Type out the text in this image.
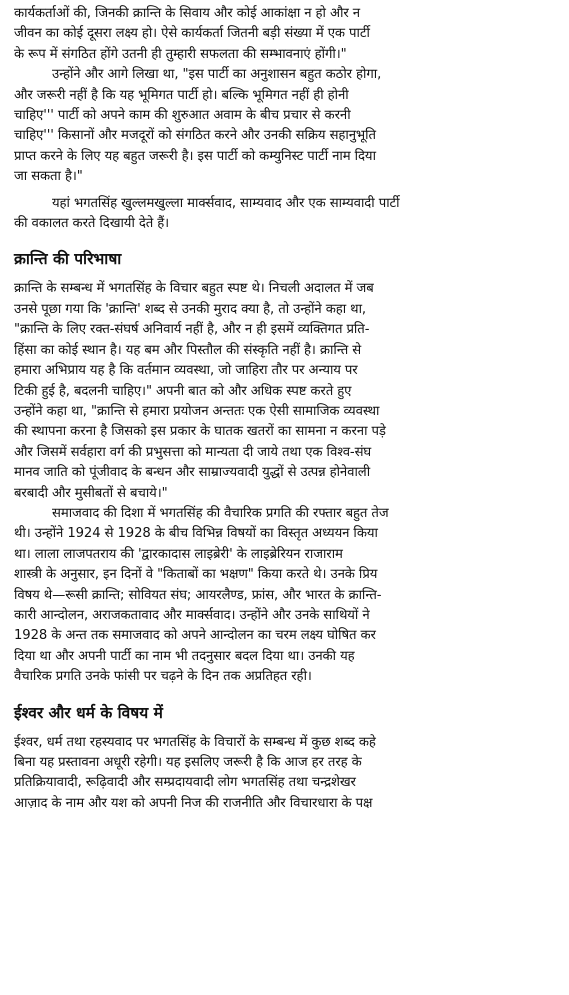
कार्यकर्ताओं की, जिनकी क्रान्ति के सिवाय और कोई आकांक्षा न हो और न
जीवन का कोई दूसरा लक्ष्य हो। ऐसे कार्यकर्ता जितनी बड़ी संख्या में एक पार्टी
के रूप में संगठित होंगे उतनी ही तुम्हारी सफलता की सम्भावनाएं होंगी।"
उन्होंने और आगे लिखा था, "इस पार्टी का अनुशासन बहुत कठोर होगा,
और जरूरी नहीं है कि यह भूमिगत पार्टी हो। बल्कि भूमिगत नहीं ही होनी
चाहिए''' पार्टी को अपने काम की शुरुआत अवाम के बीच प्रचार से करनी
चाहिए''' किसानों और मजदूरों को संगठित करने और उनकी सक्रिय सहानुभूति
प्राप्त करने के लिए यह बहुत जरूरी है। इस पार्टी को कम्युनिस्ट पार्टी नाम दिया
जा सकता है।"
यहां भगतसिंह खुल्लमखुल्ला मार्क्सवाद, साम्यवाद और एक साम्यवादी पार्टी
की वकालत करते दिखायी देते हैं।
क्रान्ति की परिभाषा
क्रान्ति के सम्बन्ध में भगतसिंह के विचार बहुत स्पष्ट थे। निचली अदालत में जब
उनसे पूछा गया कि 'क्रान्ति' शब्द से उनकी मुराद क्या है, तो उन्होंने कहा था,
"क्रान्ति के लिए रक्त-संघर्ष अनिवार्य नहीं है, और न ही इसमें व्यक्तिगत प्रति-
हिंसा का कोई स्थान है। यह बम और पिस्तौल की संस्कृति नहीं है। क्रान्ति से
हमारा अभिप्राय यह है कि वर्तमान व्यवस्था, जो जाहिरा तौर पर अन्याय पर
टिकी हुई है, बदलनी चाहिए।" अपनी बात को और अधिक स्पष्ट करते हुए
उन्होंने कहा था, "क्रान्ति से हमारा प्रयोजन अन्ततः एक ऐसी सामाजिक व्यवस्था
की स्थापना करना है जिसको इस प्रकार के घातक खतरों का सामना न करना पड़े
और जिसमें सर्वहारा वर्ग की प्रभुसत्ता को मान्यता दी जाये तथा एक विश्व-संघ
मानव जाति को पूंजीवाद के बन्धन और साम्राज्यवादी युद्धों से उत्पन्न होनेवाली
बरबादी और मुसीबतों से बचाये।"
समाजवाद की दिशा में भगतसिंह की वैचारिक प्रगति की रफ्तार बहुत तेज
थी। उन्होंने 1924 से 1928 के बीच विभिन्न विषयों का विस्तृत अध्ययन किया
था। लाला लाजपतराय की 'द्वारकादास लाइब्रेरी' के लाइब्रेरियन राजाराम
शास्त्री के अनुसार, इन दिनों वे "किताबों का भक्षण" किया करते थे। उनके प्रिय
विषय थे—रूसी क्रान्ति; सोवियत संघ; आयरलैण्ड, फ्रांस, और भारत के क्रान्ति-
कारी आन्दोलन, अराजकतावाद और मार्क्सवाद। उन्होंने और उनके साथियों ने
1928 के अन्त तक समाजवाद को अपने आन्दोलन का चरम लक्ष्य घोषित कर
दिया था और अपनी पार्टी का नाम भी तदनुसार बदल दिया था। उनकी यह
वैचारिक प्रगति उनके फांसी पर चढ़ने के दिन तक अप्रतिहत रही।
ईश्वर और धर्म के विषय में
ईश्वर, धर्म तथा रहस्यवाद पर भगतसिंह के विचारों के सम्बन्ध में कुछ शब्द कहे
बिना यह प्रस्तावना अधूरी रहेगी। यह इसलिए जरूरी है कि आज हर तरह के
प्रतिक्रियावादी, रूढ़िवादी और सम्प्रदायवादी लोग भगतसिंह तथा चन्द्रशेखर
आज़ाद के नाम और यश को अपनी निज की राजनीति और विचारधारा के पक्ष
